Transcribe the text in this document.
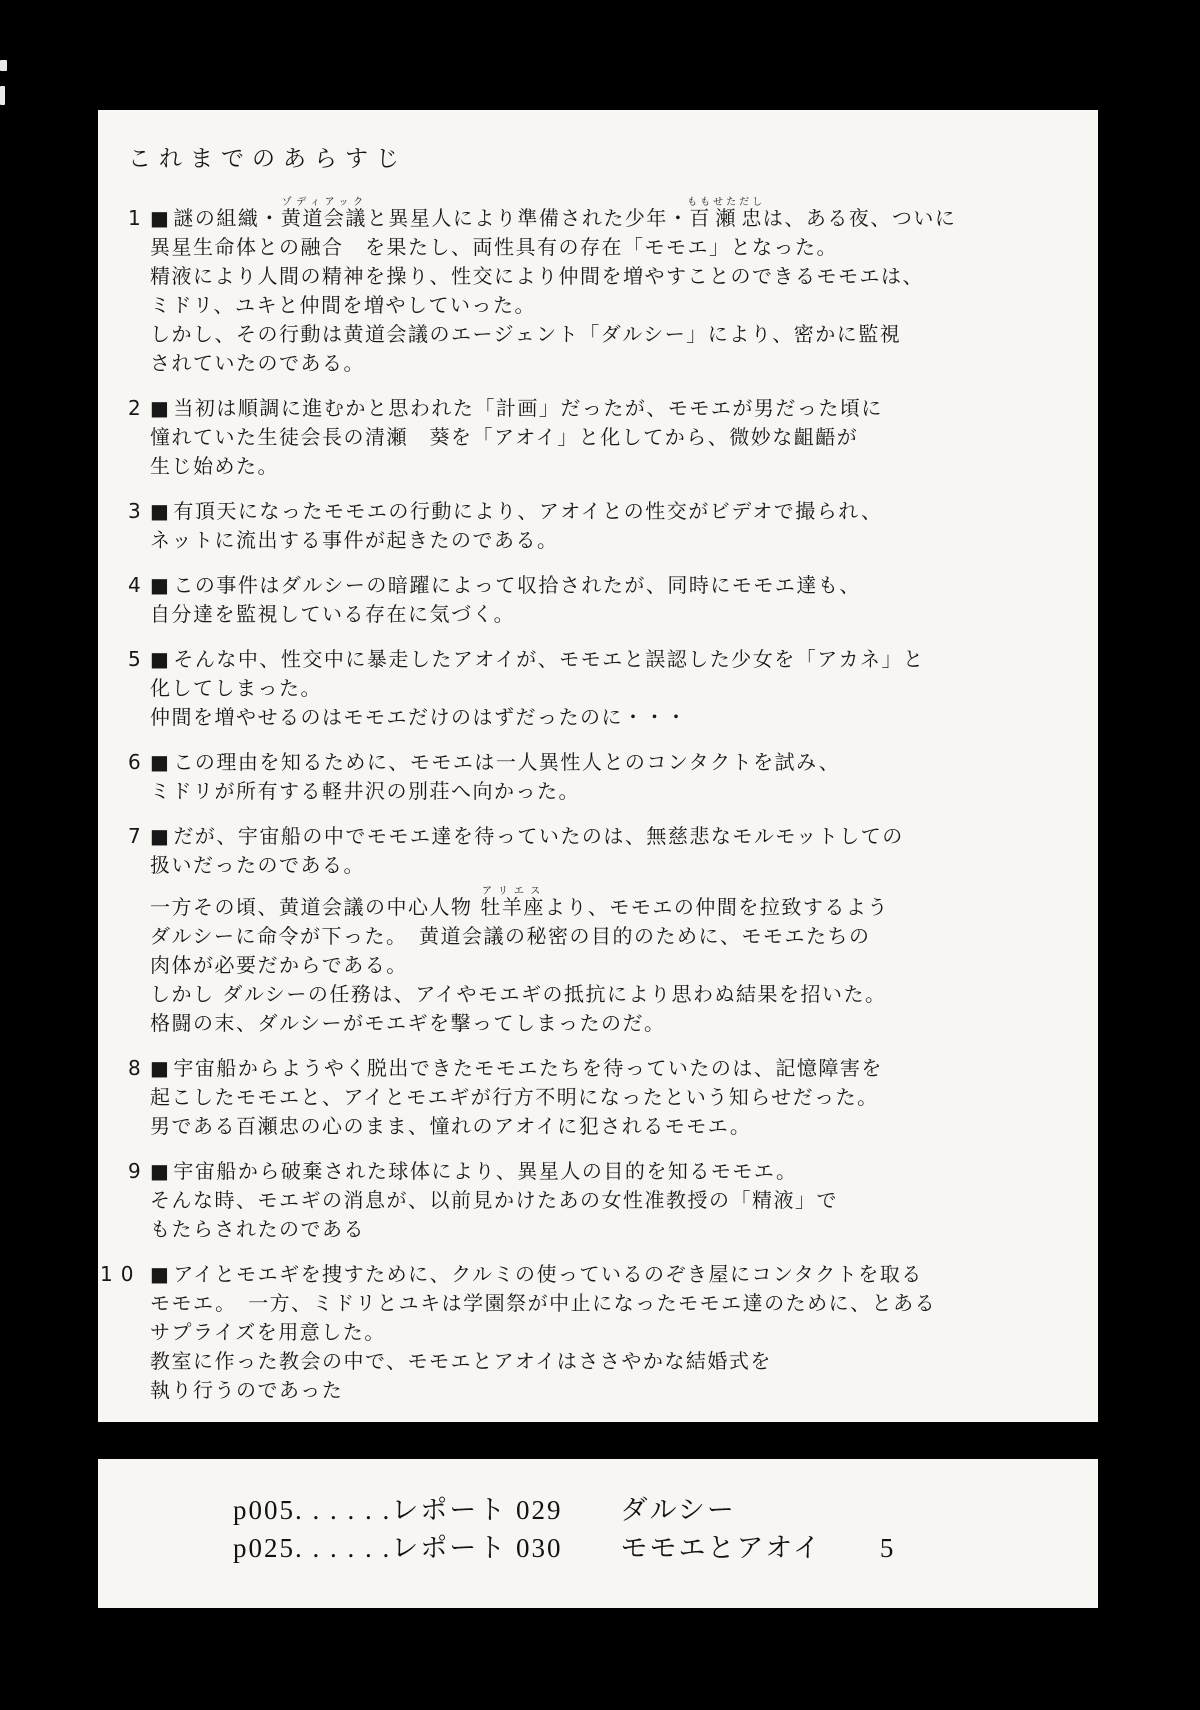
これまでのあらすじ
1 ■ 謎の組織・黄道会議ゾディアックと異星人により準備された少年・百瀬忠ももせただしは、ある夜、ついに
異星生命体との融合　を果たし、両性具有の存在「モモエ」となった。
精液により人間の精神を操り、性交により仲間を増やすことのできるモモエは、
ミドリ、ユキと仲間を増やしていった。
しかし、その行動は黄道会議のエージェント「ダルシー」により、密かに監視
されていたのである。
2 ■ 当初は順調に進むかと思われた「計画」だったが、モモエが男だった頃に
憧れていた生徒会長の清瀬　葵を「アオイ」と化してから、微妙な齟齬が
生じ始めた。
3 ■ 有頂天になったモモエの行動により、アオイとの性交がビデオで撮られ、
ネットに流出する事件が起きたのである。
4 ■ この事件はダルシーの暗躍によって収拾されたが、同時にモモエ達も、
自分達を監視している存在に気づく。
5 ■ そんな中、性交中に暴走したアオイが、モモエと誤認した少女を「アカネ」と
化してしまった。
仲間を増やせるのはモモエだけのはずだったのに・・・
6 ■ この理由を知るために、モモエは一人異性人とのコンタクトを試み、
ミドリが所有する軽井沢の別荘へ向かった。
7 ■ だが、宇宙船の中でモモエ達を待っていたのは、無慈悲なモルモットしての
扱いだったのである。
一方その頃、黄道会議の中心人物 牡羊座アリエスより、モモエの仲間を拉致するよう
ダルシーに命令が下った。　黄道会議の秘密の目的のために、モモエたちの
肉体が必要だからである。
しかし ダルシーの任務は、アイやモエギの抵抗により思わぬ結果を招いた。
格闘の末、ダルシーがモエギを撃ってしまったのだ。
8 ■ 宇宙船からようやく脱出できたモモエたちを待っていたのは、記憶障害を
起こしたモモエと、アイとモエギが行方不明になったという知らせだった。
男である百瀬忠の心のまま、憧れのアオイに犯されるモモエ。
9 ■ 宇宙船から破棄された球体により、異星人の目的を知るモモエ。
そんな時、モエギの消息が、以前見かけたあの女性准教授の「精液」で
もたらされたのである
10 ■ アイとモエギを捜すために、クルミの使っているのぞき屋にコンタクトを取る
モモエ。　一方、ミドリとユキは学園祭が中止になったモモエ達のために、とある
サプライズを用意した。
教室に作った教会の中で、モモエとアオイはささやかな結婚式を
執り行うのであった
p005. . . . . .レポート 029　　ダルシー
p025. . . . . .レポート 030　　モモエとアオイ　　5
